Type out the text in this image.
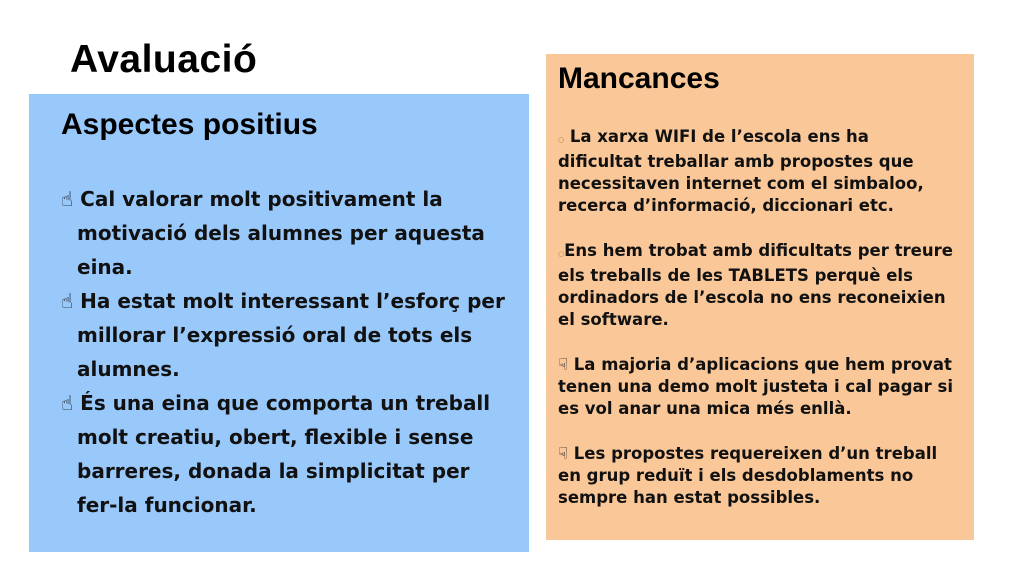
Avaluació
Aspectes positius

☝ Cal valorar molt positivament la motivació dels alumnes per aquesta eina.

☝ Ha estat molt interessant l’esforç per millorar l’expressió oral de tots els alumnes.

☝ És una eina que comporta un treball molt creatiu, obert, flexible i sense barreres, donada la simplicitat per fer-la funcionar.

Mancances

○ La xarxa WIFI de l’escola ens ha dificultat treballar amb propostes que necessitaven internet com el simbaloo, recerca d’informació, diccionari etc.

○Ens hem trobat amb dificultats per treure els treballs de les TABLETS perquè els ordinadors de l’escola no ens reconeixien el software.

☟ La majoria d’aplicacions que hem provat tenen una demo molt justeta i cal pagar si es vol anar una mica més enllà.

☟ Les propostes requereixen d’un treball en grup reduït i els desdoblaments no sempre han estat possibles.
